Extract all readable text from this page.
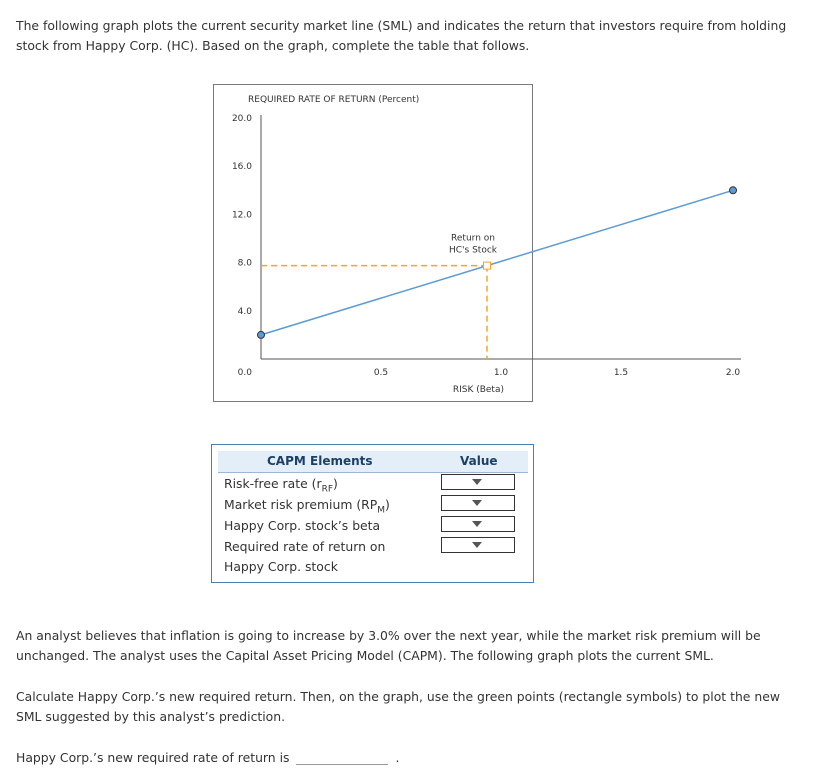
The following graph plots the current security market line (SML) and indicates the return that investors require from holding stock from Happy Corp. (HC). Based on the graph, complete the table that follows.

REQUIRED RATE OF RETURN (Percent)
RISK (Beta)
20.0
16.0
12.0
8.0
4.0
0.0	0.5	1.0	1.5	2.0
Return on
HC's Stock
CAPM Elements	Value
Risk-free rate $(r_{RF})$
Market risk premium $(RP_M)$
Happy Corp. stock’s beta
Required rate of return on
Happy Corp. stock

An analyst believes that inflation is going to increase by 3.0% over the next year, while the market risk premium will be unchanged. The analyst uses the Capital Asset Pricing Model (CAPM). The following graph plots the current SML.

Calculate Happy Corp.’s new required return. Then, on the graph, use the green points (rectangle symbols) to plot the new SML suggested by this analyst’s prediction.

Happy Corp.’s new required rate of return is	.
